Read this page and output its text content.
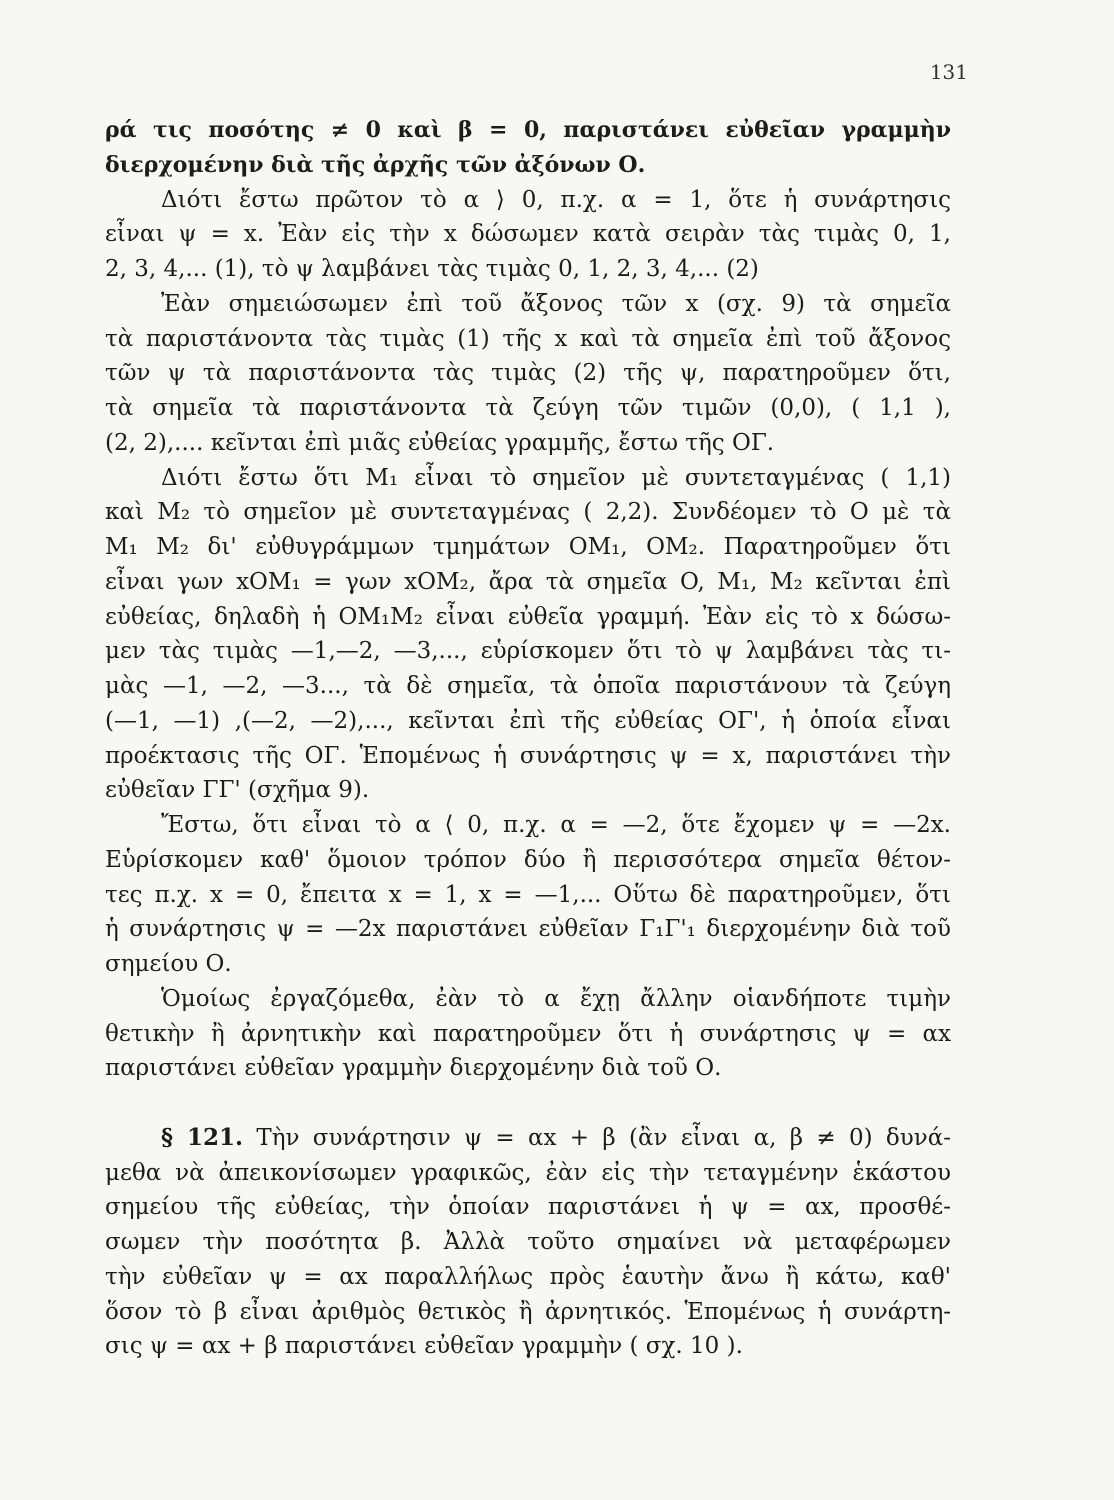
131
ρά τις ποσότης ≠ 0 καὶ β = 0, παριστάνει εὐθεῖαν γραμμὴν
διερχομένην διὰ τῆς ἀρχῆς τῶν ἀξόνων Ο.
Διότι ἔστω πρῶτον τὸ α ⟩ 0, π.χ. α = 1, ὅτε ἡ συνάρτησις
εἶναι ψ = x. Ἐὰν εἰς τὴν x δώσωμεν κατὰ σειρὰν τὰς τιμὰς 0, 1,
2, 3, 4,... (1), τὸ ψ λαμβάνει τὰς τιμὰς 0, 1, 2, 3, 4,... (2)
Ἐὰν σημειώσωμεν ἐπὶ τοῦ ἄξονος τῶν x (σχ. 9) τὰ σημεῖα
τὰ παριστάνοντα τὰς τιμὰς (1) τῆς x καὶ τὰ σημεῖα ἐπὶ τοῦ ἄξονος
τῶν ψ τὰ παριστάνοντα τὰς τιμὰς (2) τῆς ψ, παρατηροῦμεν ὅτι,
τὰ σημεῖα τὰ παριστάνοντα τὰ ζεύγη τῶν τιμῶν (0,0), ( 1,1 ),
(2, 2),.... κεῖνται ἐπὶ μιᾶς εὐθείας γραμμῆς, ἔστω τῆς ΟΓ.
Διότι ἔστω ὅτι M₁ εἶναι τὸ σημεῖον μὲ συντεταγμένας ( 1,1)
καὶ M₂ τὸ σημεῖον μὲ συντεταγμένας ( 2,2). Συνδέομεν τὸ Ο μὲ τὰ
M₁ M₂ δι' εὐθυγράμμων τμημάτων OM₁, OM₂. Παρατηροῦμεν ὅτι
εἶναι γων xOM₁ = γων xOM₂, ἄρα τὰ σημεῖα O, M₁, M₂ κεῖνται ἐπὶ
εὐθείας, δηλαδὴ ἡ OM₁M₂ εἶναι εὐθεῖα γραμμή. Ἐὰν εἰς τὸ x δώσω-
μεν τὰς τιμὰς —1,—2, —3,..., εὑρίσκομεν ὅτι τὸ ψ λαμβάνει τὰς τι-
μὰς —1, —2, —3..., τὰ δὲ σημεῖα, τὰ ὁποῖα παριστάνουν τὰ ζεύγη
(—1, —1) ,(—2, —2),..., κεῖνται ἐπὶ τῆς εὐθείας ΟΓ', ἡ ὁποία εἶναι
προέκτασις τῆς ΟΓ. Ἑπομένως ἡ συνάρτησις ψ = x, παριστάνει τὴν
εὐθεῖαν ΓΓ' (σχῆμα 9).
Ἔστω, ὅτι εἶναι τὸ α ⟨ 0, π.χ. α = —2, ὅτε ἔχομεν ψ = —2x.
Εὑρίσκομεν καθ' ὅμοιον τρόπον δύο ἢ περισσότερα σημεῖα θέτον-
τες π.χ. x = 0, ἔπειτα x = 1, x = —1,... Οὕτω δὲ παρατηροῦμεν, ὅτι
ἡ συνάρτησις ψ = —2x παριστάνει εὐθεῖαν Γ₁Γ'₁ διερχομένην διὰ τοῦ
σημείου Ο.
Ὁμοίως ἐργαζόμεθα, ἐὰν τὸ α ἔχῃ ἄλλην οἱανδήποτε τιμὴν
θετικὴν ἢ ἀρνητικὴν καὶ παρατηροῦμεν ὅτι ἡ συνάρτησις ψ = αx
παριστάνει εὐθεῖαν γραμμὴν διερχομένην διὰ τοῦ Ο.
§ 121. Τὴν συνάρτησιν ψ = αx + β (ἂν εἶναι α, β ≠ 0) δυνά-
μεθα νὰ ἀπεικονίσωμεν γραφικῶς, ἐὰν εἰς τὴν τεταγμένην ἑκάστου
σημείου τῆς εὐθείας, τὴν ὁποίαν παριστάνει ἡ ψ = αx, προσθέ-
σωμεν τὴν ποσότητα β. Ἀλλὰ τοῦτο σημαίνει νὰ μεταφέρωμεν
τὴν εὐθεῖαν ψ = αx παραλλήλως πρὸς ἑαυτὴν ἄνω ἢ κάτω, καθ'
ὅσον τὸ β εἶναι ἀριθμὸς θετικὸς ἢ ἀρνητικός. Ἑπομένως ἡ συνάρτη-
σις ψ = αx + β παριστάνει εὐθεῖαν γραμμὴν ( σχ. 10 ).
